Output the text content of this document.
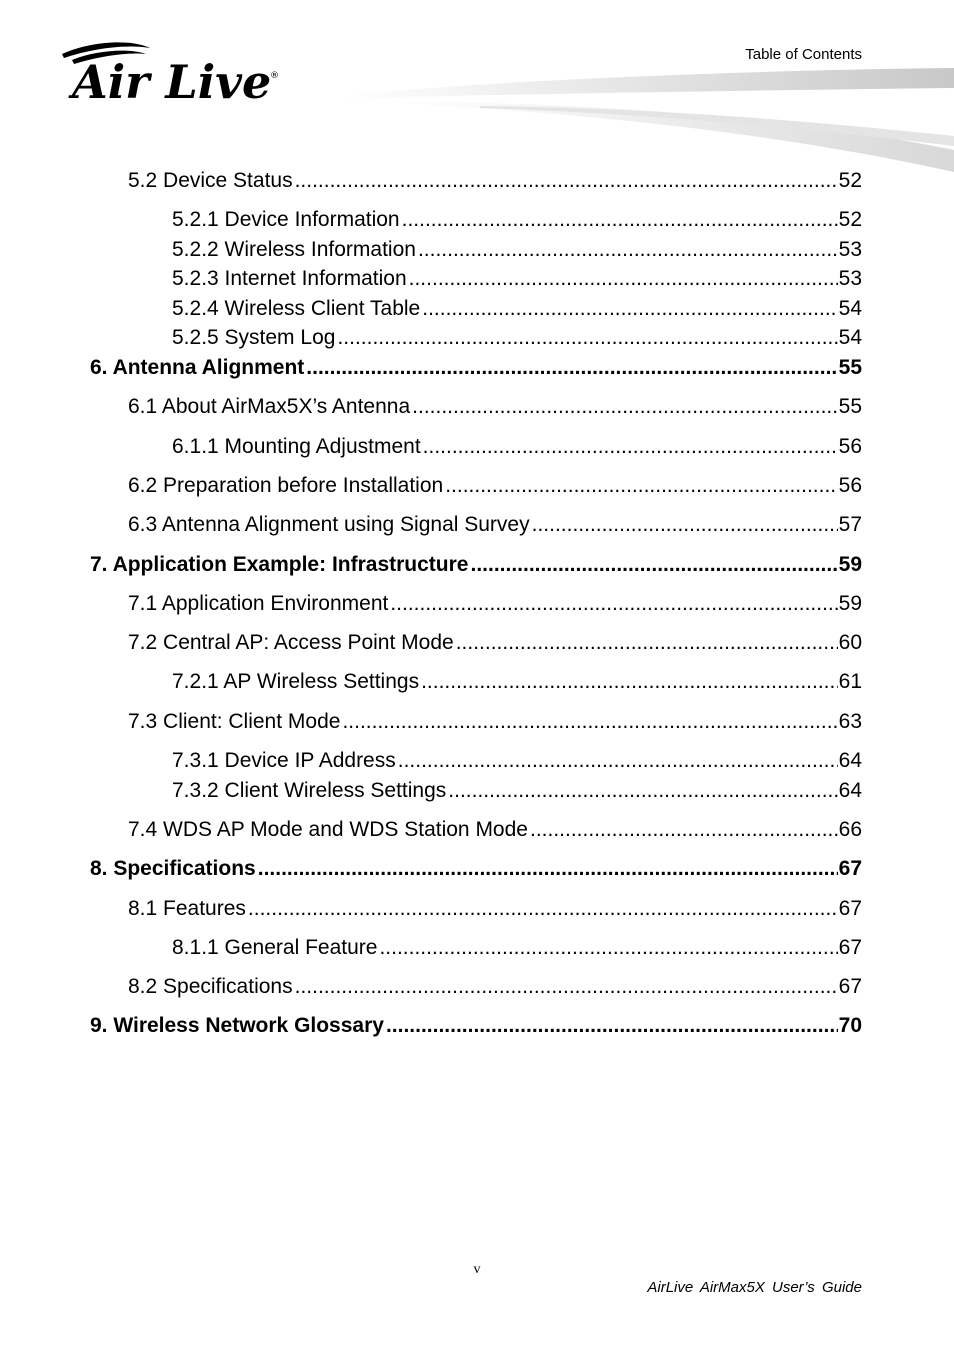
Air Live
®
Table of Contents
5.2 Device Status .....	52
5.2.1 Device Information .....	52
5.2.2 Wireless Information .....	53
5.2.3 Internet Information .....	53
5.2.4 Wireless Client Table .....	54
5.2.5 System Log .....	54
6. Antenna Alignment .....	55
6.1 About AirMax5X’s Antenna .....	55
6.1.1 Mounting Adjustment .....	56
6.2 Preparation before Installation .....	56
6.3 Antenna Alignment using Signal Survey .....	57
7. Application Example: Infrastructure .....	59
7.1 Application Environment .....	59
7.2 Central AP: Access Point Mode .....	60
7.2.1 AP Wireless Settings .....	61
7.3 Client: Client Mode .....	63
7.3.1 Device IP Address .....	64
7.3.2 Client Wireless Settings .....	64
7.4 WDS AP Mode and WDS Station Mode .....	66
8. Specifications .....	67
8.1 Features .....	67
8.1.1 General Feature .....	67
8.2 Specifications .....	67
9. Wireless Network Glossary .....	70
v
AirLive AirMax5X User’s Guide
